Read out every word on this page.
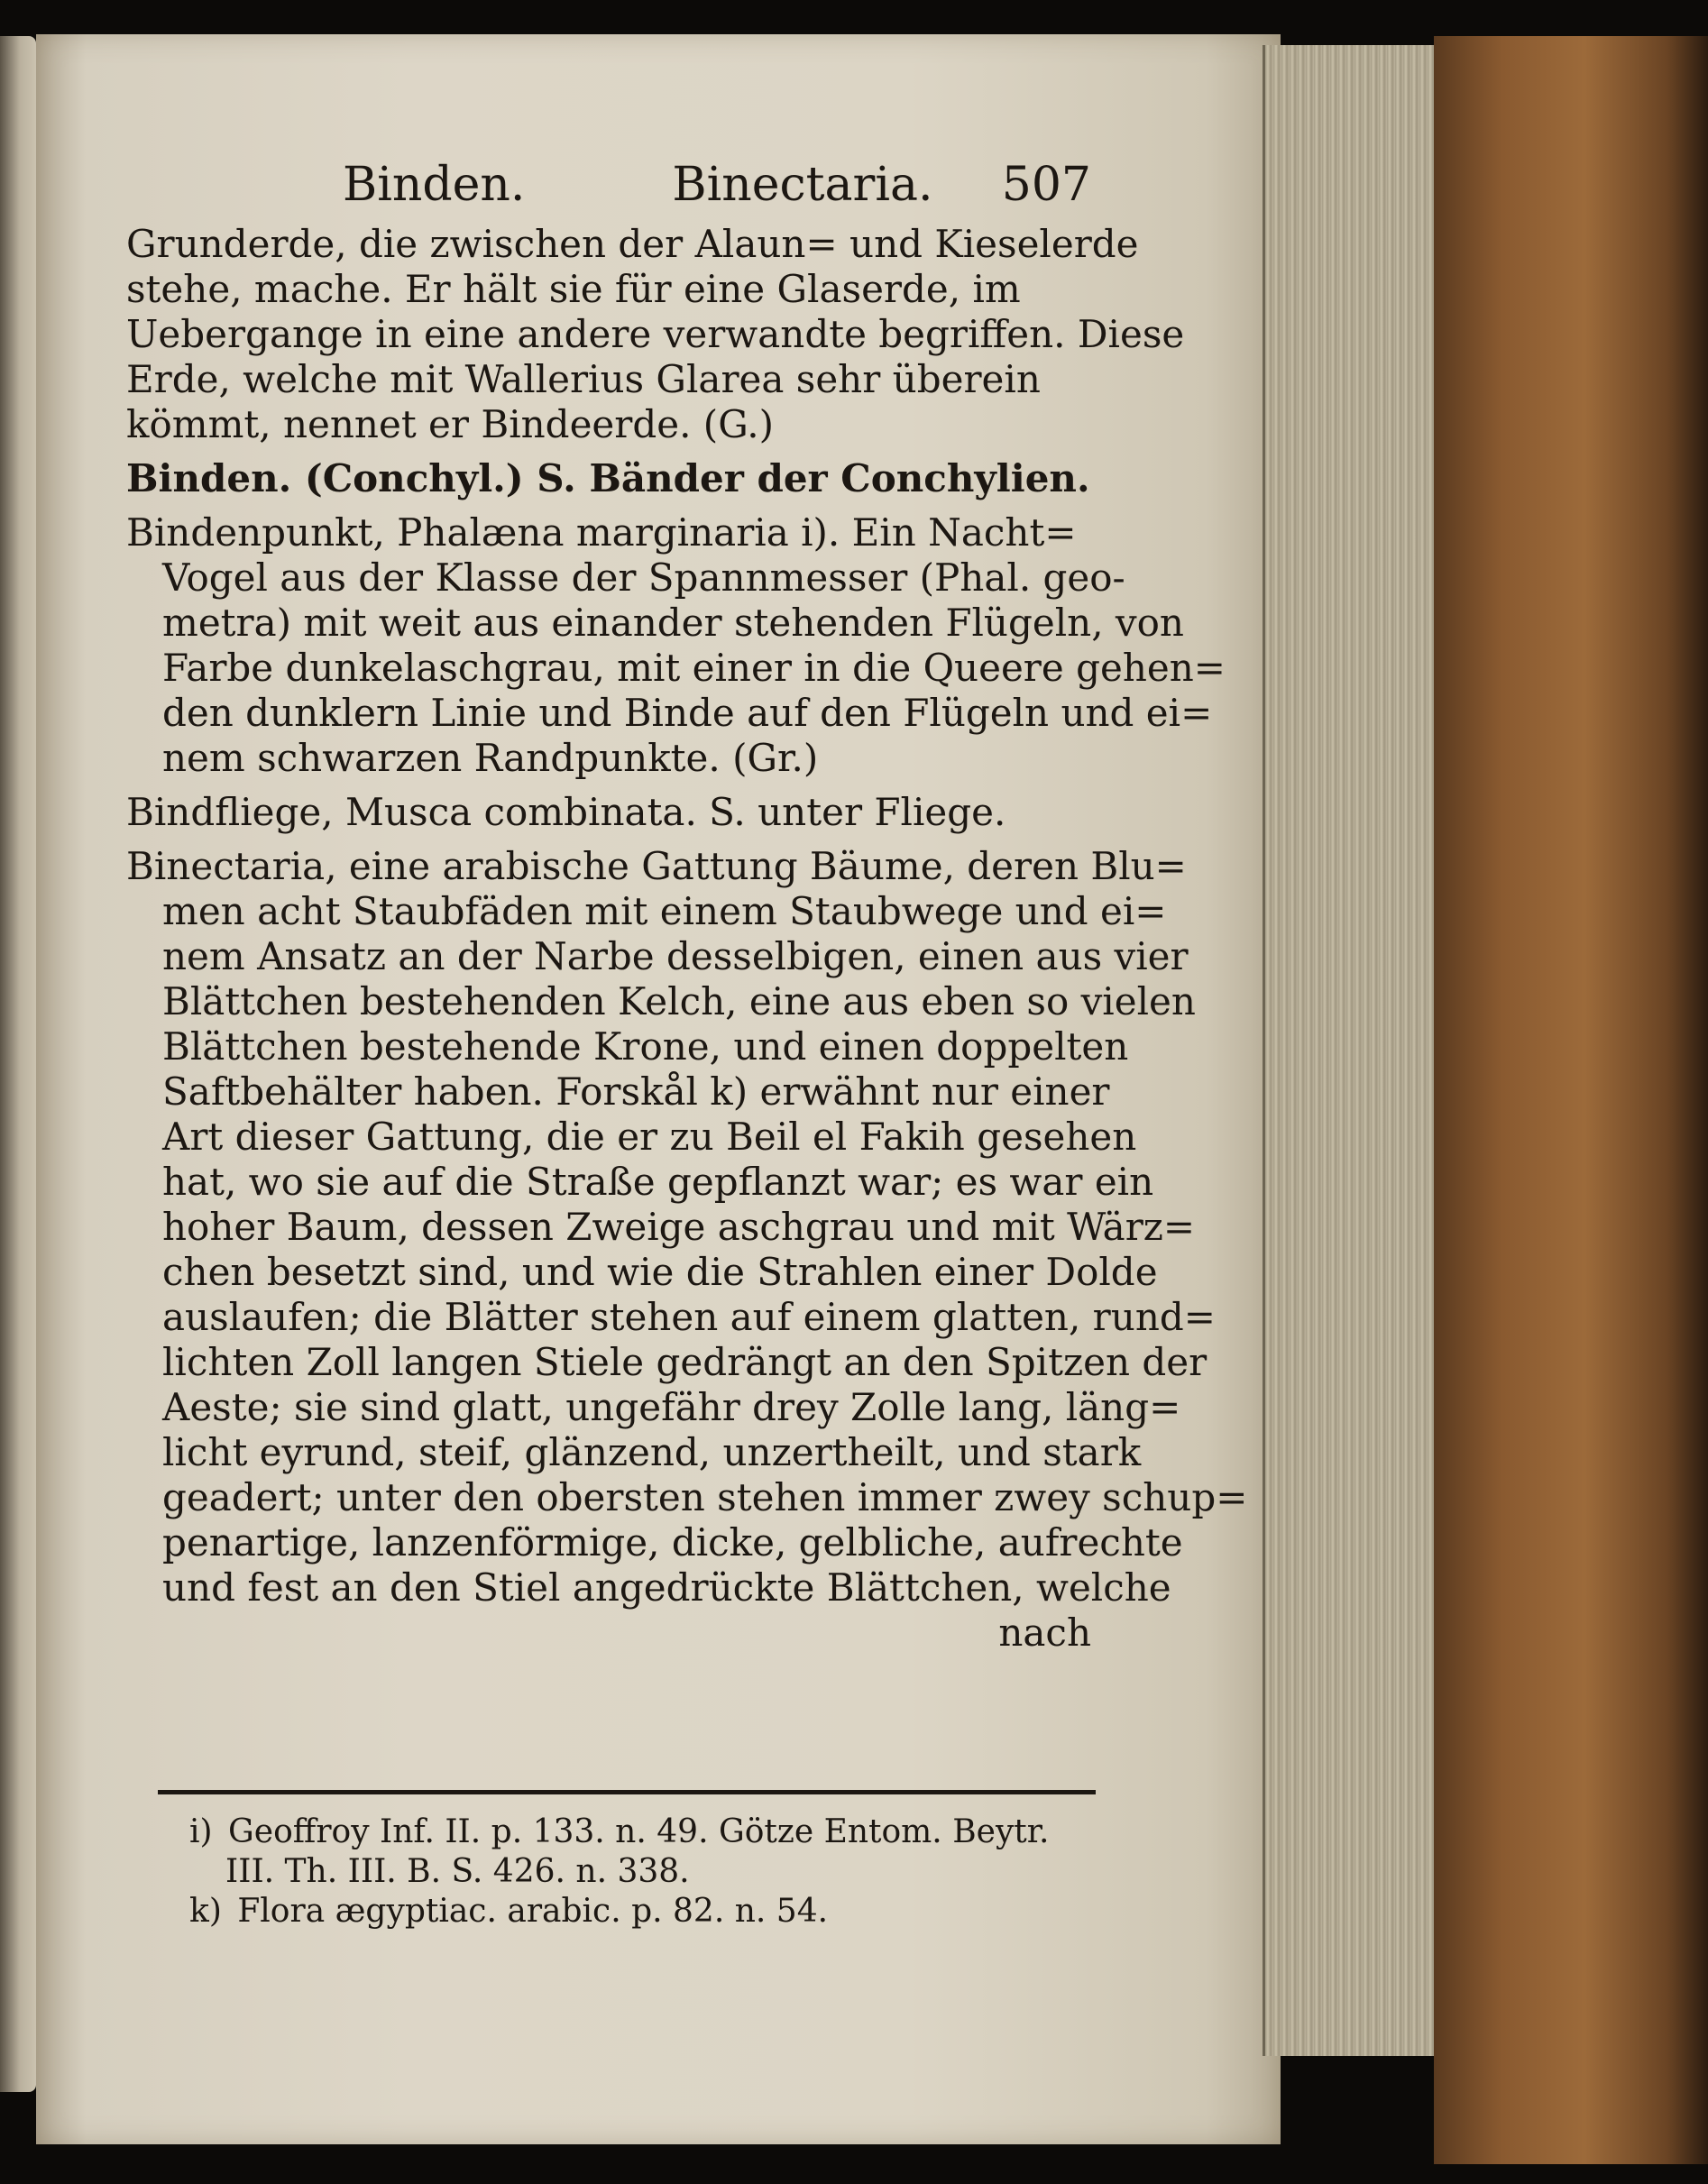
Binden.	Binectaria.	507

Grunderde, die zwischen der Alaun= und Kieselerde

stehe, mache. Er hält sie für eine Glaserde, im

Uebergange in eine andere verwandte begriffen. Diese

Erde, welche mit Wallerius Glarea sehr überein

kömmt, nennet er Bindeerde. (G.)

Binden. (Conchyl.) S. Bänder der Conchylien.

Bindenpunkt, Phalæna marginaria i). Ein Nacht=

Vogel aus der Klasse der Spannmesser (Phal. geo-

metra) mit weit aus einander stehenden Flügeln, von

Farbe dunkelaschgrau, mit einer in die Queere gehen=

den dunklern Linie und Binde auf den Flügeln und ei=

nem schwarzen Randpunkte. (Gr.)

Bindfliege, Musca combinata. S. unter Fliege.

Binectaria, eine arabische Gattung Bäume, deren Blu=

men acht Staubfäden mit einem Staubwege und ei=

nem Ansatz an der Narbe desselbigen, einen aus vier

Blättchen bestehenden Kelch, eine aus eben so vielen

Blättchen bestehende Krone, und einen doppelten

Saftbehälter haben. Forskål k) erwähnt nur einer

Art dieser Gattung, die er zu Beil el Fakih gesehen

hat, wo sie auf die Straße gepflanzt war; es war ein

hoher Baum, dessen Zweige aschgrau und mit Wärz=

chen besetzt sind, und wie die Strahlen einer Dolde

auslaufen; die Blätter stehen auf einem glatten, rund=

lichten Zoll langen Stiele gedrängt an den Spitzen der

Aeste; sie sind glatt, ungefähr drey Zolle lang, läng=

licht eyrund, steif, glänzend, unzertheilt, und stark

geadert; unter den obersten stehen immer zwey schup=

penartige, lanzenförmige, dicke, gelbliche, aufrechte

und fest an den Stiel angedrückte Blättchen, welche

nach

i) Geoffroy Inf. II. p. 133. n. 49. Götze Entom. Beytr.

III. Th. III. B. S. 426. n. 338.

k) Flora ægyptiac. arabic. p. 82. n. 54.
